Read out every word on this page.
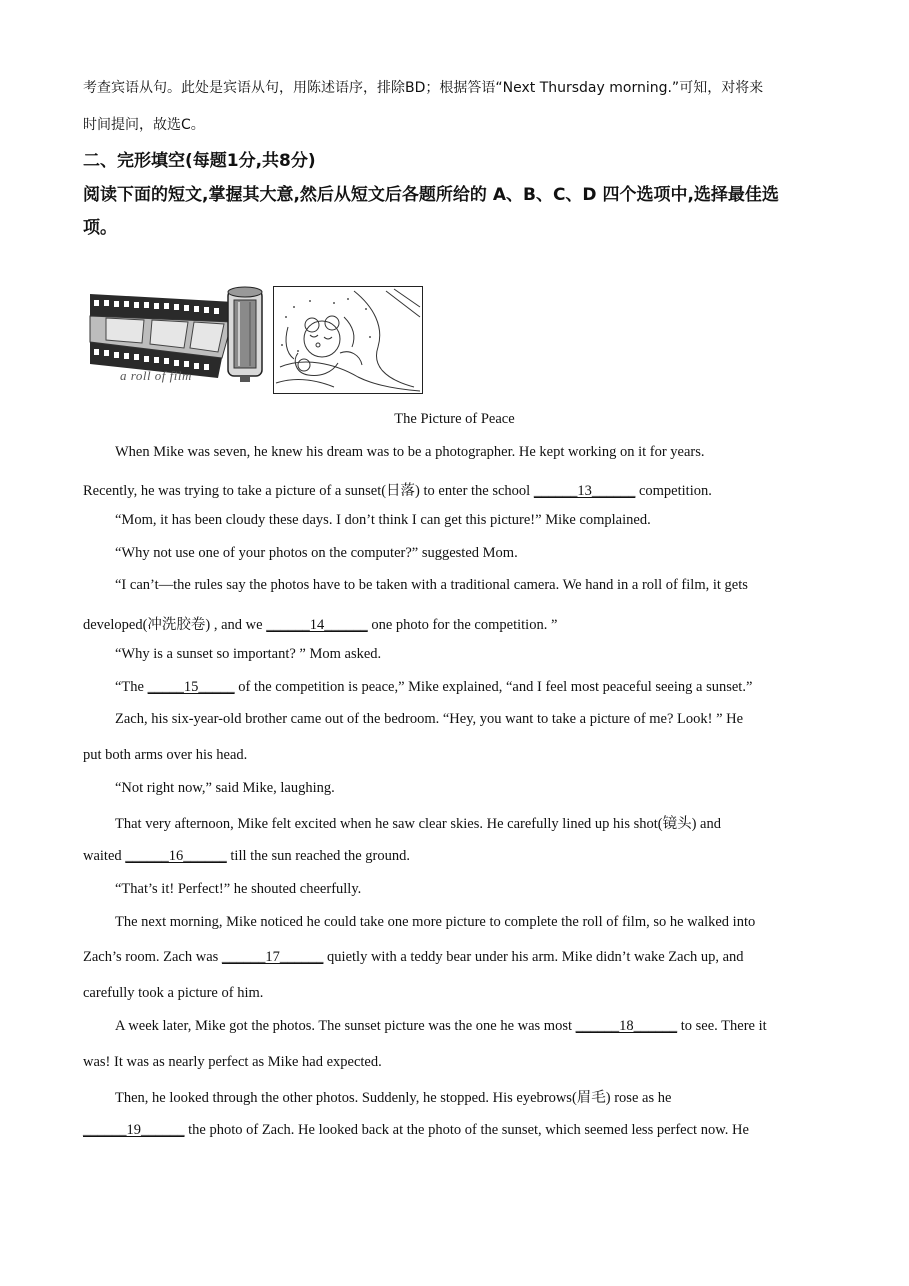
考查宾语从句。此处是宾语从句，用陈述语序，排除BD；根据答语“Next Thursday morning.”可知，对将来
时间提问，故选C。
二、完形填空(每题1分,共8分)
阅读下面的短文,掌握其大意,然后从短文后各题所给的 A、B、C、D 四个选项中,选择最佳选
项。
a roll of film
The Picture of Peace
When Mike was seven, he knew his dream was to be a photographer. He kept working on it for years.
Recently, he was trying to take a picture of a sunset(日落) to enter the school ______13______ competition.
“Mom, it has been cloudy these days. I don’t think I can get this picture!” Mike complained.
“Why not use one of your photos on the computer?” suggested Mom.
“I can’t—the rules say the photos have to be taken with a traditional camera. We hand in a roll of film, it gets
developed(冲洗胶卷) , and we ______14______ one photo for the competition. ”
“Why is a sunset so important? ” Mom asked.
“The _____15_____ of the competition is peace,” Mike explained, “and I feel most peaceful seeing a sunset.”
Zach, his six-year-old brother came out of the bedroom. “Hey, you want to take a picture of me? Look! ” He
put both arms over his head.
“Not right now,” said Mike, laughing.
That very afternoon, Mike felt excited when he saw clear skies. He carefully lined up his shot(镜头) and
waited ______16______ till the sun reached the ground.
“That’s it! Perfect!” he shouted cheerfully.
The next morning, Mike noticed he could take one more picture to complete the roll of film, so he walked into
Zach’s room. Zach was ______17______ quietly with a teddy bear under his arm. Mike didn’t wake Zach up, and
carefully took a picture of him.
A week later, Mike got the photos. The sunset picture was the one he was most ______18______ to see. There it
was! It was as nearly perfect as Mike had expected.
Then, he looked through the other photos. Suddenly, he stopped. His eyebrows(眉毛) rose as he
______19______ the photo of Zach. He looked back at the photo of the sunset, which seemed less perfect now. He
